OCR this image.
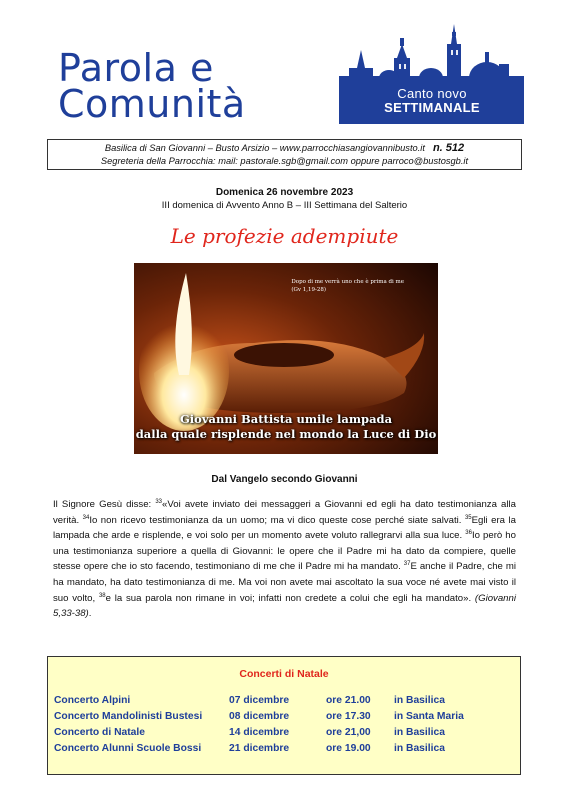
Parola e
Comunità	Canto novo
SETTIMANALE
Basilica di San Giovanni – Busto Arsizio – www.parrocchiasangiovannibusto.it n. 512
Segreteria della Parrocchia: mail: pastorale.sgb@gmail.com oppure parroco@bustosgb.it
Domenica 26 novembre 2023
III domenica di Avvento Anno B – III Settimana del Salterio
Le profezie adempiute
Dopo di me verrà uno che è prima di me
(Gv 1,19-28)
Giovanni Battista umile lampada
dalla quale risplende nel mondo la Luce di Dio
Dal Vangelo secondo Giovanni
Il Signore Gesù disse: $^{33}$«Voi avete inviato dei messaggeri a Giovanni ed egli ha dato testimonianza alla verità. $^{34}$Io non ricevo testimonianza da un uomo; ma vi dico queste cose perché siate salvati. $^{35}$Egli era la lampada che arde e risplende, e voi solo per un momento avete voluto rallegrarvi alla sua luce. $^{36}$Io però ho una testimonianza superiore a quella di Giovanni: le opere che il Padre mi ha dato da compiere, quelle stesse opere che io sto facendo, testimoniano di me che il Padre mi ha mandato. $^{37}$E anche il Padre, che mi ha mandato, ha dato testimonianza di me. Ma voi non avete mai ascoltato la sua voce né avete mai visto il suo volto, $^{38}$e la sua parola non rimane in voi; infatti non credete a colui che egli ha mandato». (Giovanni 5,33-38).
Concerti di Natale
Concerto Alpini	07 dicembre	ore 21.00 in Basilica
Concerto Mandolinisti Bustesi	08 dicembre	ore 17.30 in Santa Maria
Concerto di Natale	14 dicembre	ore 21,00 in Basilica
Concerto Alunni Scuole Bossi	21 dicembre	ore 19.00 in Basilica
